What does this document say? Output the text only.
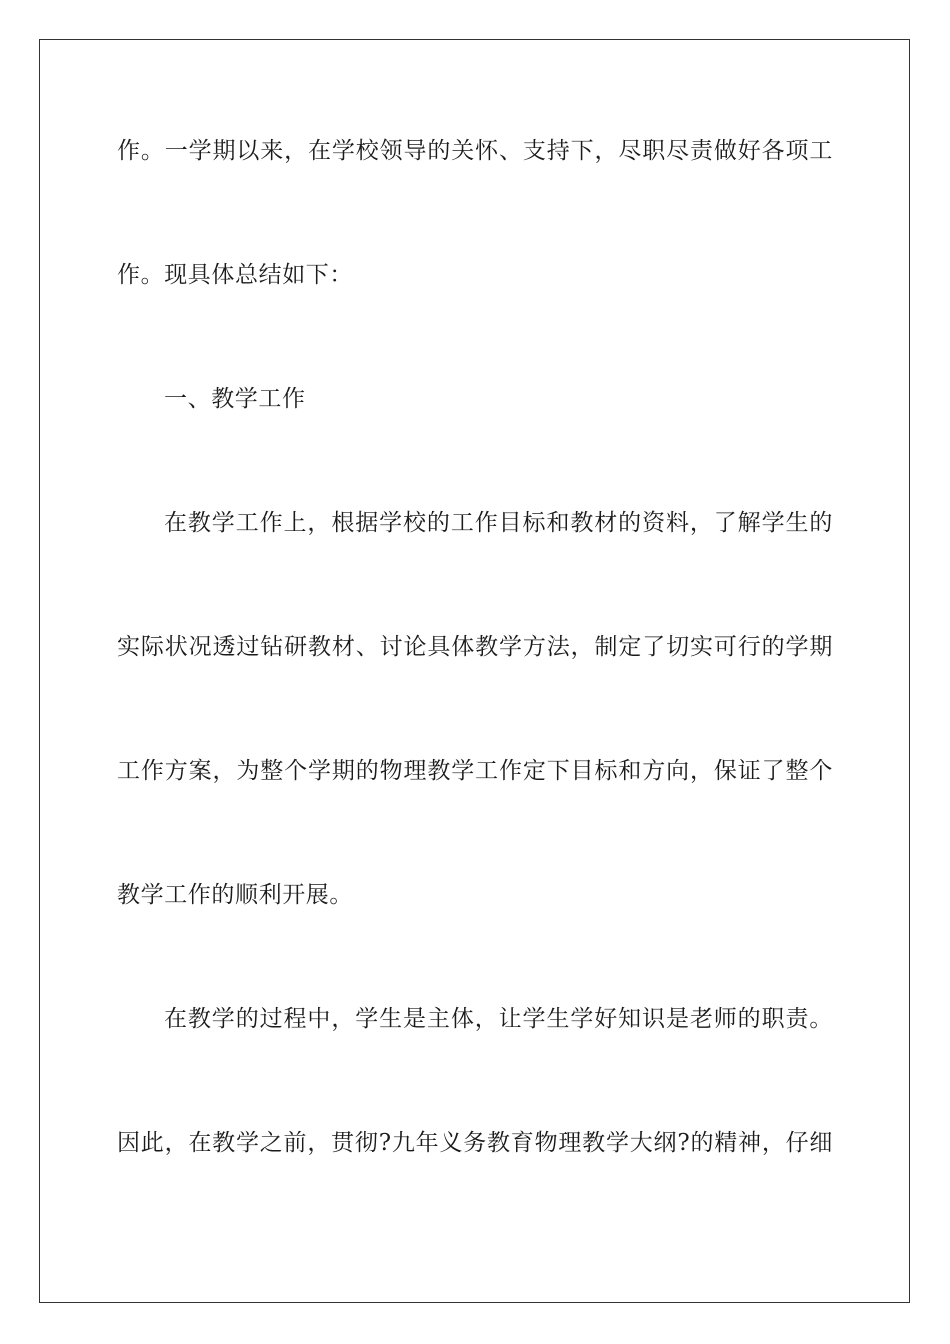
作。一学期以来，在学校领导的关怀、支持下，尽职尽责做好各项工
作。现具体总结如下：
一、教学工作
在教学工作上，根据学校的工作目标和教材的资料，了解学生的
实际状况透过钻研教材、讨论具体教学方法，制定了切实可行的学期
工作方案，为整个学期的物理教学工作定下目标和方向，保证了整个
教学工作的顺利开展。
在教学的过程中，学生是主体，让学生学好知识是老师的职责。
因此，在教学之前，贯彻?九年义务教育物理教学大纲?的精神，仔细
